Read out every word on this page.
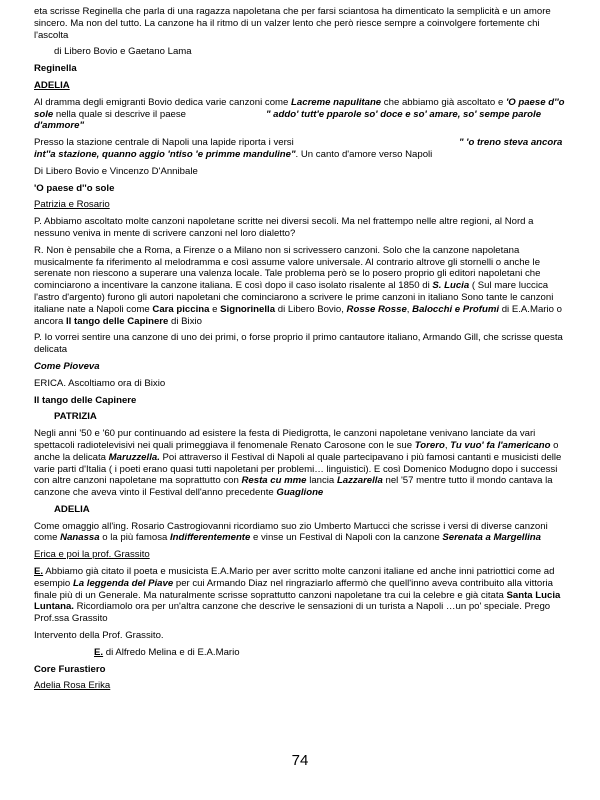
eta scrisse Reginella che parla di una ragazza napoletana che per farsi sciantosa ha dimenticato la semplicità e un amore sincero. Ma non del tutto. La canzone ha il ritmo di un valzer lento che però riesce sempre a coinvolgere fortemente chi l'ascolta

di Libero Bovio e Gaetano Lama

Reginella

ADELIA

Al dramma degli emigranti Bovio dedica varie canzoni come Lacreme napulitane che abbiamo già ascoltato e 'O paese d''o sole nella quale si descrive il paese	" addo' tutt'e pparole so' doce e so' amare, so' sempe parole d'ammore"

Presso la stazione centrale di Napoli una lapide riporta i versi	" 'o treno steva ancora int''a stazione, quanno aggio 'ntiso 'e primme manduline". Un canto d'amore verso Napoli

Di Libero Bovio e Vincenzo D'Annibale

'O paese d''o sole

Patrizia e Rosario

P. Abbiamo ascoltato molte canzoni napoletane scritte nei diversi secoli. Ma nel frattempo nelle altre regioni, al Nord a nessuno veniva in mente di scrivere canzoni nel loro dialetto?

R. Non è pensabile che a Roma, a Firenze o a Milano non si scrivessero canzoni. Solo che la canzone napoletana musicalmente fa riferimento al melodramma e così assume valore universale. Al contrario altrove gli stornelli o anche le serenate non riescono a superare una valenza locale. Tale problema però se lo posero proprio gli editori napoletani che cominciarono a incentivare la canzone italiana. E così dopo il caso isolato risalente al 1850 di S. Lucia ( Sul mare luccica l'astro d'argento) furono gli autori napoletani che cominciarono a scrivere le prime canzoni in italiano Sono tante le canzoni italiane nate a Napoli come Cara piccina e Signorinella di Libero Bovio, Rosse Rosse, Balocchi e Profumi di E.A.Mario o ancora Il tango delle Capinere di Bixio

P. Io vorrei sentire una canzone di uno dei primi, o forse proprio il primo cantautore italiano, Armando Gill, che scrisse questa delicata

Come Pioveva

ERICA. Ascoltiamo ora di Bixio

Il tango delle Capinere

PATRIZIA

Negli anni '50 e '60 pur continuando ad esistere la festa di Piedigrotta, le canzoni napoletane venivano lanciate da vari spettacoli radiotelevisivi nei quali primeggiava il fenomenale Renato Carosone con le sue Torero, Tu vuo' fa l'americano o anche la delicata Maruzzella. Poi attraverso il Festival di Napoli al quale partecipavano i più famosi cantanti e musicisti delle varie parti d'Italia ( i poeti erano quasi tutti napoletani per problemi… linguistici). E così Domenico Modugno dopo i successi con altre canzoni napoletane ma soprattutto con Resta cu mme lancia Lazzarella nel '57 mentre tutto il mondo cantava la canzone che aveva vinto il Festival dell'anno precedente Guaglione

ADELIA

Come omaggio all'ing. Rosario Castrogiovanni ricordiamo suo zio Umberto Martucci che scrisse i versi di diverse canzoni come Nanassa o la più famosa Indifferentemente e vinse un Festival di Napoli con la canzone Serenata a Margellina

Erica e poi la prof. Grassito

E. Abbiamo già citato il poeta e musicista E.A.Mario per aver scritto molte canzoni italiane ed anche inni patriottici come ad esempio La leggenda del Piave per cui Armando Diaz nel ringraziarlo affermò che quell'inno aveva contribuito alla vittoria finale più di un Generale. Ma naturalmente scrisse soprattutto canzoni napoletane tra cui la celebre e già citata Santa Lucia Luntana. Ricordiamolo ora per un'altra canzone che descrive le sensazioni di un turista a Napoli …un po' speciale. Prego Prof.ssa Grassito

Intervento della Prof. Grassito.

E. di Alfredo Melina e di E.A.Mario

Core Furastiero

Adelia Rosa Erika

74
